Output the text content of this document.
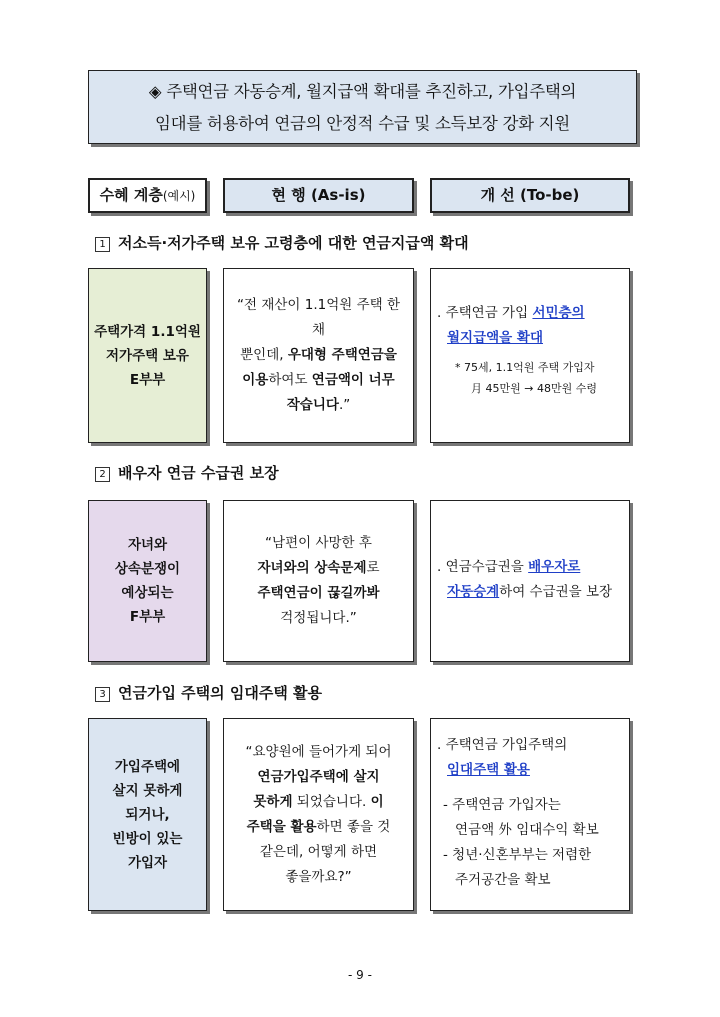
◈ 주택연금 자동승계, 월지급액 확대를 추진하고, 가입주택의
임대를 허용하여 연금의 안정적 수급 및 소득보장 강화 지원
수혜 계층(예시)	현 행 (As-is)	개 선 (To-be)
1 저소득·저가주택 보유 고령층에 대한 연금지급액 확대
주택가격 1.1억원
저가주택 보유
E부부
“전 재산이 1.1억원 주택 한 채
뿐인데, 우대형 주택연금을
이용하여도 연금액이 너무
작습니다.”
. 주택연금 가입 서민층의
월지급액을 확대
* 75세, 1.1억원 주택 가입자
月 45만원 → 48만원 수령
2 배우자 연금 수급권 보장
자녀와
상속분쟁이
예상되는
F부부
“남편이 사망한 후
자녀와의 상속문제로
주택연금이 끊길까봐
걱정됩니다.”
. 연금수급권을 배우자로
자동승계하여 수급권을 보장
3 연금가입 주택의 임대주택 활용
가입주택에
살지 못하게
되거나,
빈방이 있는
가입자
“요양원에 들어가게 되어
연금가입주택에 살지
못하게 되었습니다. 이
주택을 활용하면 좋을 것
같은데, 어떻게 하면
좋을까요?”
. 주택연금 가입주택의
임대주택 활용
- 주택연금 가입자는
연금액 外 임대수익 확보
- 청년·신혼부부는 저렴한
주거공간을 확보
- 9 -
